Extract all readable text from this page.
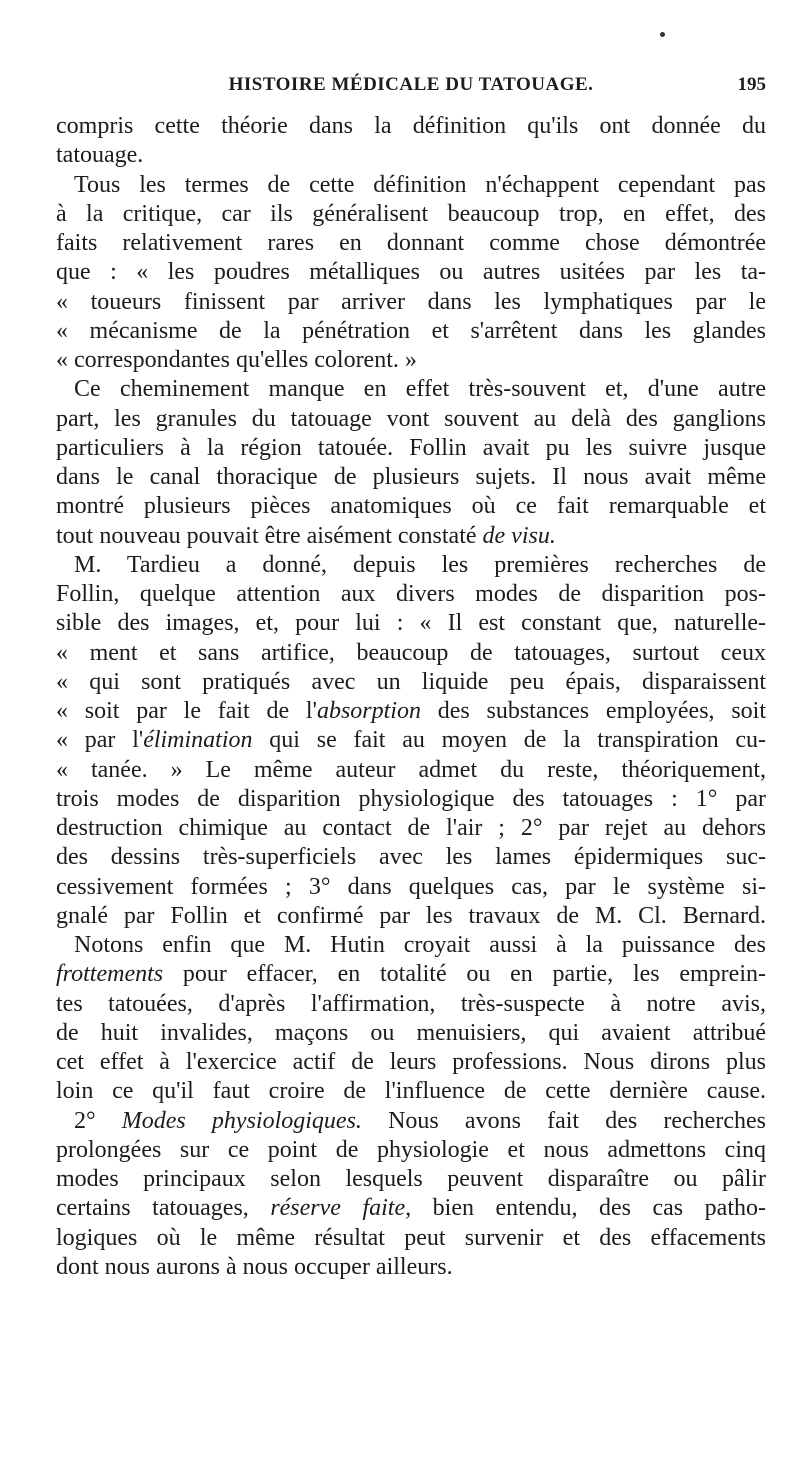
HISTOIRE MÉDICALE DU TATOUAGE.	195
compris cette théorie dans la définition qu'ils ont donnée du
tatouage.
Tous les termes de cette définition n'échappent cependant pas
à la critique, car ils généralisent beaucoup trop, en effet, des
faits relativement rares en donnant comme chose démontrée
que : « les poudres métalliques ou autres usitées par les ta-
« toueurs finissent par arriver dans les lymphatiques par le
« mécanisme de la pénétration et s'arrêtent dans les glandes
« correspondantes qu'elles colorent. »
Ce cheminement manque en effet très-souvent et, d'une autre
part, les granules du tatouage vont souvent au delà des ganglions
particuliers à la région tatouée. Follin avait pu les suivre jusque
dans le canal thoracique de plusieurs sujets. Il nous avait même
montré plusieurs pièces anatomiques où ce fait remarquable et
tout nouveau pouvait être aisément constaté de visu.
M. Tardieu a donné, depuis les premières recherches de
Follin, quelque attention aux divers modes de disparition pos-
sible des images, et, pour lui : « Il est constant que, naturelle-
« ment et sans artifice, beaucoup de tatouages, surtout ceux
« qui sont pratiqués avec un liquide peu épais, disparaissent
« soit par le fait de l'absorption des substances employées, soit
« par l'élimination qui se fait au moyen de la transpiration cu-
« tanée. » Le même auteur admet du reste, théoriquement,
trois modes de disparition physiologique des tatouages : 1° par
destruction chimique au contact de l'air ; 2° par rejet au dehors
des dessins très-superficiels avec les lames épidermiques suc-
cessivement formées ; 3° dans quelques cas, par le système si-
gnalé par Follin et confirmé par les travaux de M. Cl. Bernard.
Notons enfin que M. Hutin croyait aussi à la puissance des
frottements pour effacer, en totalité ou en partie, les emprein-
tes tatouées, d'après l'affirmation, très-suspecte à notre avis,
de huit invalides, maçons ou menuisiers, qui avaient attribué
cet effet à l'exercice actif de leurs professions. Nous dirons plus
loin ce qu'il faut croire de l'influence de cette dernière cause.
2° Modes physiologiques. Nous avons fait des recherches
prolongées sur ce point de physiologie et nous admettons cinq
modes principaux selon lesquels peuvent disparaître ou pâlir
certains tatouages, réserve faite, bien entendu, des cas patho-
logiques où le même résultat peut survenir et des effacements
dont nous aurons à nous occuper ailleurs.
